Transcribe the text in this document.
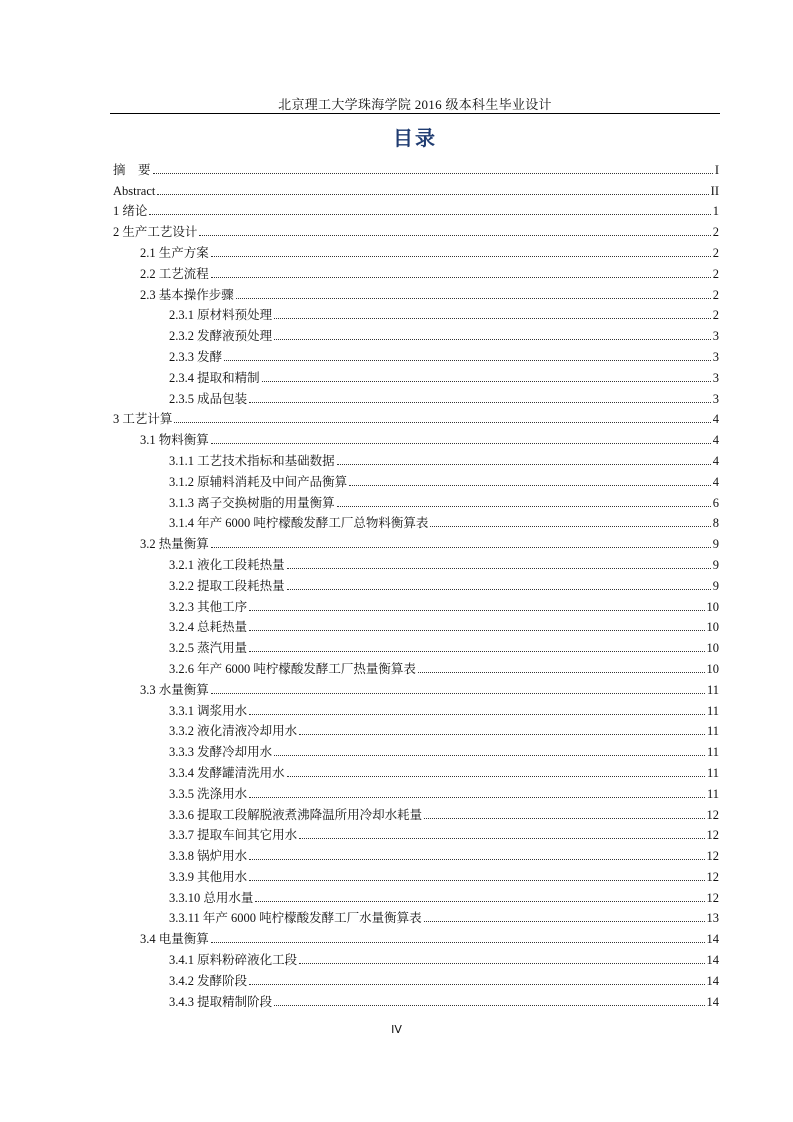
北京理工大学珠海学院 2016 级本科生毕业设计
目录
摘　要	I
Abstract	II
1 绪论	1
2 生产工艺设计	2
2.1 生产方案	2
2.2 工艺流程	2
2.3 基本操作步骤	2
2.3.1 原材料预处理	2
2.3.2 发酵液预处理	3
2.3.3 发酵	3
2.3.4 提取和精制	3
2.3.5 成品包装	3
3 工艺计算	4
3.1 物料衡算	4
3.1.1 工艺技术指标和基础数据	4
3.1.2 原辅料消耗及中间产品衡算	4
3.1.3 离子交换树脂的用量衡算	6
3.1.4 年产 6000 吨柠檬酸发酵工厂总物料衡算表	8
3.2 热量衡算	9
3.2.1 液化工段耗热量	9
3.2.2 提取工段耗热量	9
3.2.3 其他工序	10
3.2.4 总耗热量	10
3.2.5 蒸汽用量	10
3.2.6 年产 6000 吨柠檬酸发酵工厂热量衡算表	10
3.3 水量衡算	11
3.3.1 调浆用水	11
3.3.2 液化清液冷却用水	11
3.3.3 发酵冷却用水	11
3.3.4 发酵罐清洗用水	11
3.3.5 洗涤用水	11
3.3.6 提取工段解脱液煮沸降温所用冷却水耗量	12
3.3.7 提取车间其它用水	12
3.3.8 锅炉用水	12
3.3.9 其他用水	12
3.3.10 总用水量	12
3.3.11 年产 6000 吨柠檬酸发酵工厂水量衡算表	13
3.4 电量衡算	14
3.4.1 原料粉碎液化工段	14
3.4.2 发酵阶段	14
3.4.3 提取精制阶段	14
IV
